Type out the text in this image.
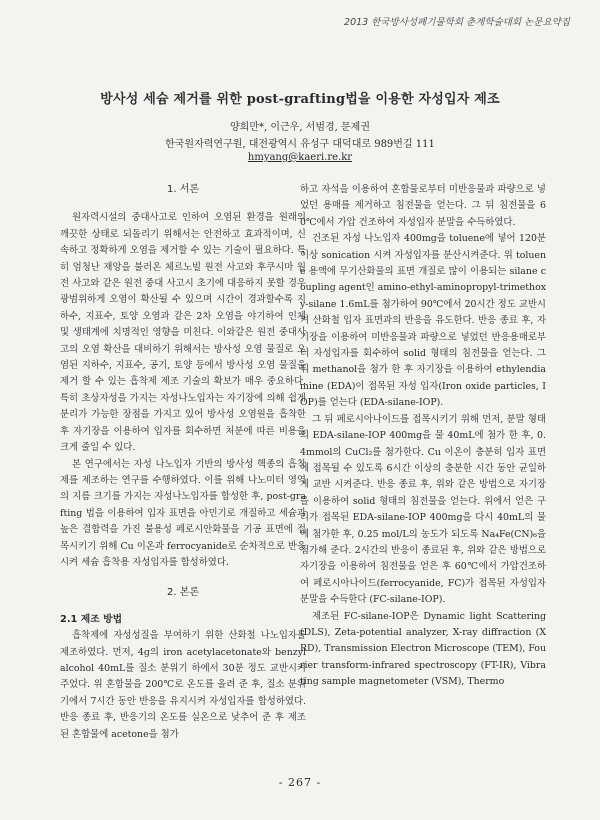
2013 한국방사성폐기물학회 춘계학술대회 논문요약집
방사성 세슘 제거를 위한 post-grafting법을 이용한 자성입자 제조
양희만*, 이근우, 서범경, 문제권
한국원자력연구원, 대전광역시 유성구 대덕대로 989번길 111
hmyang@kaeri.re.kr
1. 서론

원자력시설의 중대사고로 인하여 오염된 환경을 원래의 깨끗한 상태로 되돌리기 위해서는 안전하고 효과적이며, 신속하고 정확하게 오염을 제거할 수 있는 기술이 필요하다. 특히 엄청난 재앙을 불러온 체르노빌 원전 사고와 후쿠시마 원전 사고와 같은 원전 중대 사고시 초기에 대응하지 못할 경우 광범위하게 오염이 확산될 수 있으며 시간이 경과할수록 지하수, 지표수, 토양 오염과 같은 2차 오염을 야기하여 인체 및 생태계에 치명적인 영향을 미친다. 이와같은 원전 중대사고의 오염 확산을 대비하기 위해서는 방사성 오염 물질로 오염된 지하수, 지표수, 공기, 토양 등에서 방사성 오염 물질을 제거 할 수 있는 흡착제 제조 기술의 확보가 매우 중요하다. 특히 초상자성을 가지는 자성나노입자는 자기장에 의해 쉽게 분리가 가능한 장점을 가지고 있어 방사성 오염원을 흡착한 후 자기장을 이용하여 입자를 회수하면 처분에 따른 비용을 크게 줄일 수 있다.

본 연구에서는 자성 나노입자 기반의 방사성 핵종의 흡착제를 제조하는 연구를 수행하였다. 이를 위해 나노미터 영역의 지름 크기를 가지는 자성나노입자를 합성한 후, post-grafting 법을 이용하여 입자 표면을 아민기로 개질하고 세슘과 높은 결합력을 가진 불용성 페로시안화물을 기공 표면에 접목시키기 위해 Cu 이온과 ferrocyanide로 순차적으로 반응시켜 세슘 흡착용 자성입자를 합성하였다.

2. 본론
2.1 제조 방법

흡착제에 자성성질을 부여하기 위한 산화철 나노입자를 제조하였다. 먼저, 4g의 iron acetylacetonate와 benzyl alcohol 40mL를 질소 분위기 하에서 30분 정도 교반시켜 주었다. 위 혼합물을 200℃로 온도를 올려 준 후, 질소 분위기에서 7시간 동안 반응을 유지시켜 자성입자를 합성하였다. 반응 종료 후, 반응기의 온도를 실온으로 낮추어 준 후 제조된 혼합물에 acetone을 첨가

하고 자석을 이용하여 혼합물로부터 미반응물과 파량으로 넣었던 용매를 제거하고 침전물을 얻는다. 그 뒤 침전물을 60℃에서 가압 건조하여 자성입자 분말을 수득하였다.

건조된 자성 나노입자 400mg을 toluene에 넣어 120분 이상 sonication 시켜 자성입자를 분산시켜준다. 위 toluene 용액에 무기산화물의 표면 개질로 많이 이용되는 silane coupling agent인 amino-ethyl-aminopropyl-trimethoxy-silane 1.6mL를 첨가하여 90℃에서 20시간 정도 교반시켜 산화철 입자 표면과의 반응을 유도한다. 반응 종료 후, 자기장을 이용하여 미반응물과 파량으로 넣었던 반응용매로부터 자성입자를 회수하여 solid 형태의 침전물을 얻는다. 그 뒤 methanol을 첨가 한 후 자기장을 이용하여 ethylendiamine (EDA)이 접목된 자성 입자(Iron oxide particles, IOP)를 얻는다 (EDA-silane-IOP).

그 뒤 페로시아나이드를 접목시키기 위해 먼저, 분말 형태의 EDA-silane-IOP 400mg을 물 40mL에 첨가 한 후, 0.4mmol의 CuCl₂를 첨가한다. Cu 이온이 충분히 입자 표면에 접목될 수 있도록 6시간 이상의 충분한 시간 동안 균일하게 교반 시켜준다. 반응 종료 후, 위와 같은 방법으로 자기장을 이용하여 solid 형태의 침전물을 얻는다. 위에서 얻은 구리가 접목된 EDA-silane-IOP 400mg을 다시 40mL의 물에 첨가한 후, 0.25 mol/L의 농도가 되도록 Na₄Fe(CN)₆을 첨가해 준다. 2시간의 반응이 종료된 후, 위와 같은 방법으로 자기장을 이용하여 침전물을 얻은 후 60℃에서 가압건조하여 페로시아나이드(ferrocyanide, FC)가 접목된 자성입자 분말을 수득한다 (FC-silane-IOP).

제조된 FC-silane-IOP은 Dynamic light Scattering (DLS), Zeta-potential analyzer, X-ray diffraction (XRD), Transmission Electron Microscope (TEM), Fourier transform-infrared spectroscopy (FT-IR), Vibrating sample magnetometer (VSM), Thermo

- 267 -
